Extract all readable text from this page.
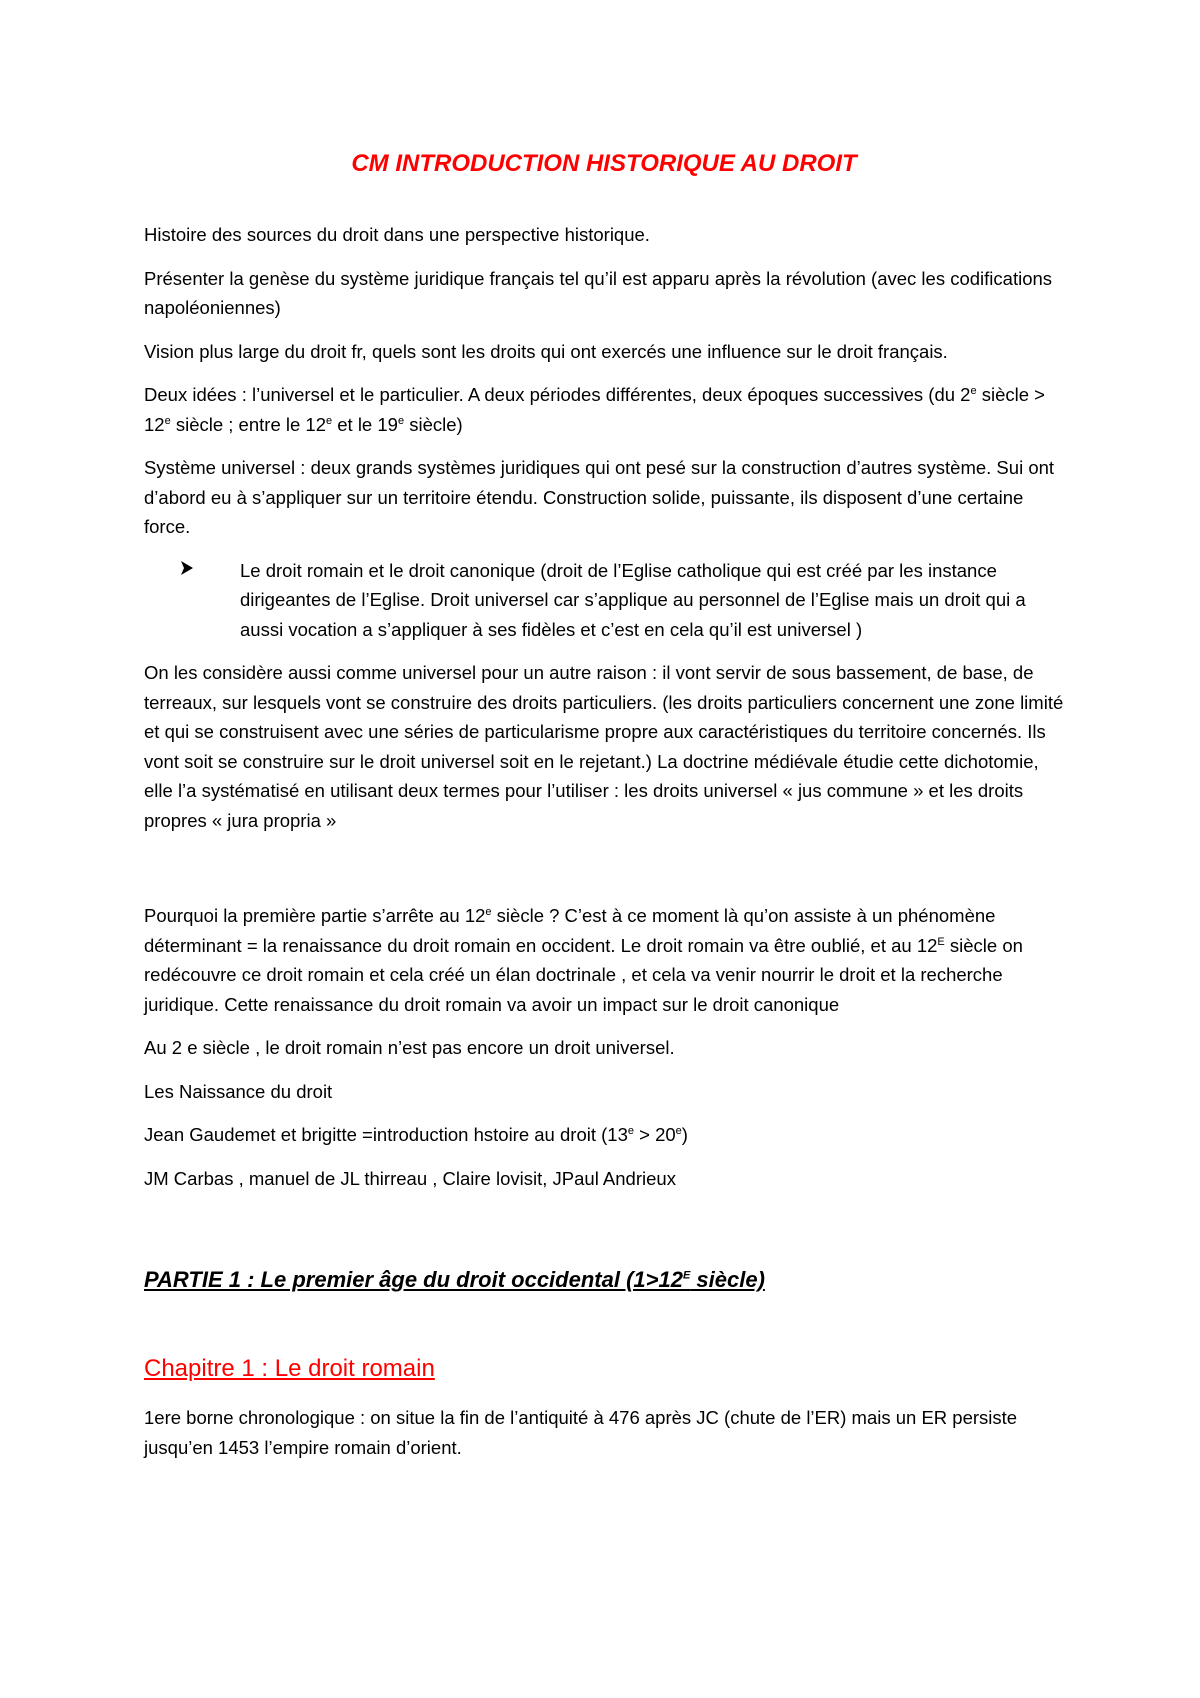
CM INTRODUCTION HISTORIQUE AU DROIT

Histoire des sources du droit dans une perspective historique.

Présenter la genèse du système juridique français tel qu’il est apparu après la révolution (avec les codifications napoléoniennes)

Vision plus large du droit fr, quels sont les droits qui ont exercés une influence sur le droit français.

Deux idées : l’universel et le particulier. A deux périodes différentes, deux époques successives (du 2e siècle > $12^e$ siècle ; entre le 12e et le 19e siècle)

Système universel : deux grands systèmes juridiques qui ont pesé sur la construction d’autres système. Sui ont d’abord eu à s’appliquer sur un territoire étendu. Construction solide, puissante, ils disposent d’une certaine force.

Le droit romain et le droit canonique (droit de l’Eglise catholique qui est créé par les instance dirigeantes de l’Eglise. Droit universel car s’applique au personnel de l’Eglise mais un droit qui a aussi vocation a s’appliquer à ses fidèles et c’est en cela qu’il est universel )

On les considère aussi comme universel pour un autre raison : il vont servir de sous bassement, de base, de terreaux, sur lesquels vont se construire des droits particuliers. (les droits particuliers concernent une zone limité et qui se construisent avec une séries de particularisme propre aux caractéristiques du territoire concernés. Ils vont soit se construire sur le droit universel soit en le rejetant.) La doctrine médiévale étudie cette dichotomie, elle l’a systématisé en utilisant deux termes pour l’utiliser : les droits universel « jus commune » et les droits propres « jura propria »

Pourquoi la première partie s’arrête au 12e siècle ? C’est à ce moment là qu’on assiste à un phénomène déterminant = la renaissance du droit romain en occident. Le droit romain va être oublié, et au $12^E$ siècle on redécouvre ce droit romain et cela créé un élan doctrinale , et cela va venir nourrir le droit et la recherche juridique. Cette renaissance du droit romain va avoir un impact sur le droit canonique

Au 2 e siècle , le droit romain n’est pas encore un droit universel.

Les Naissance du droit

Jean Gaudemet et brigitte =introduction hstoire au droit $(13^e > 20^e)$

JM Carbas , manuel de JL thirreau , Claire lovisit, JPaul Andrieux

PARTIE 1 : Le premier âge du droit occidental ($1>12^E$ siècle)
Chapitre 1 : Le droit romain

1ere borne chronologique : on situe la fin de l’antiquité à 476 après JC (chute de l’ER) mais un ER persiste jusqu’en 1453 l’empire romain d’orient.
